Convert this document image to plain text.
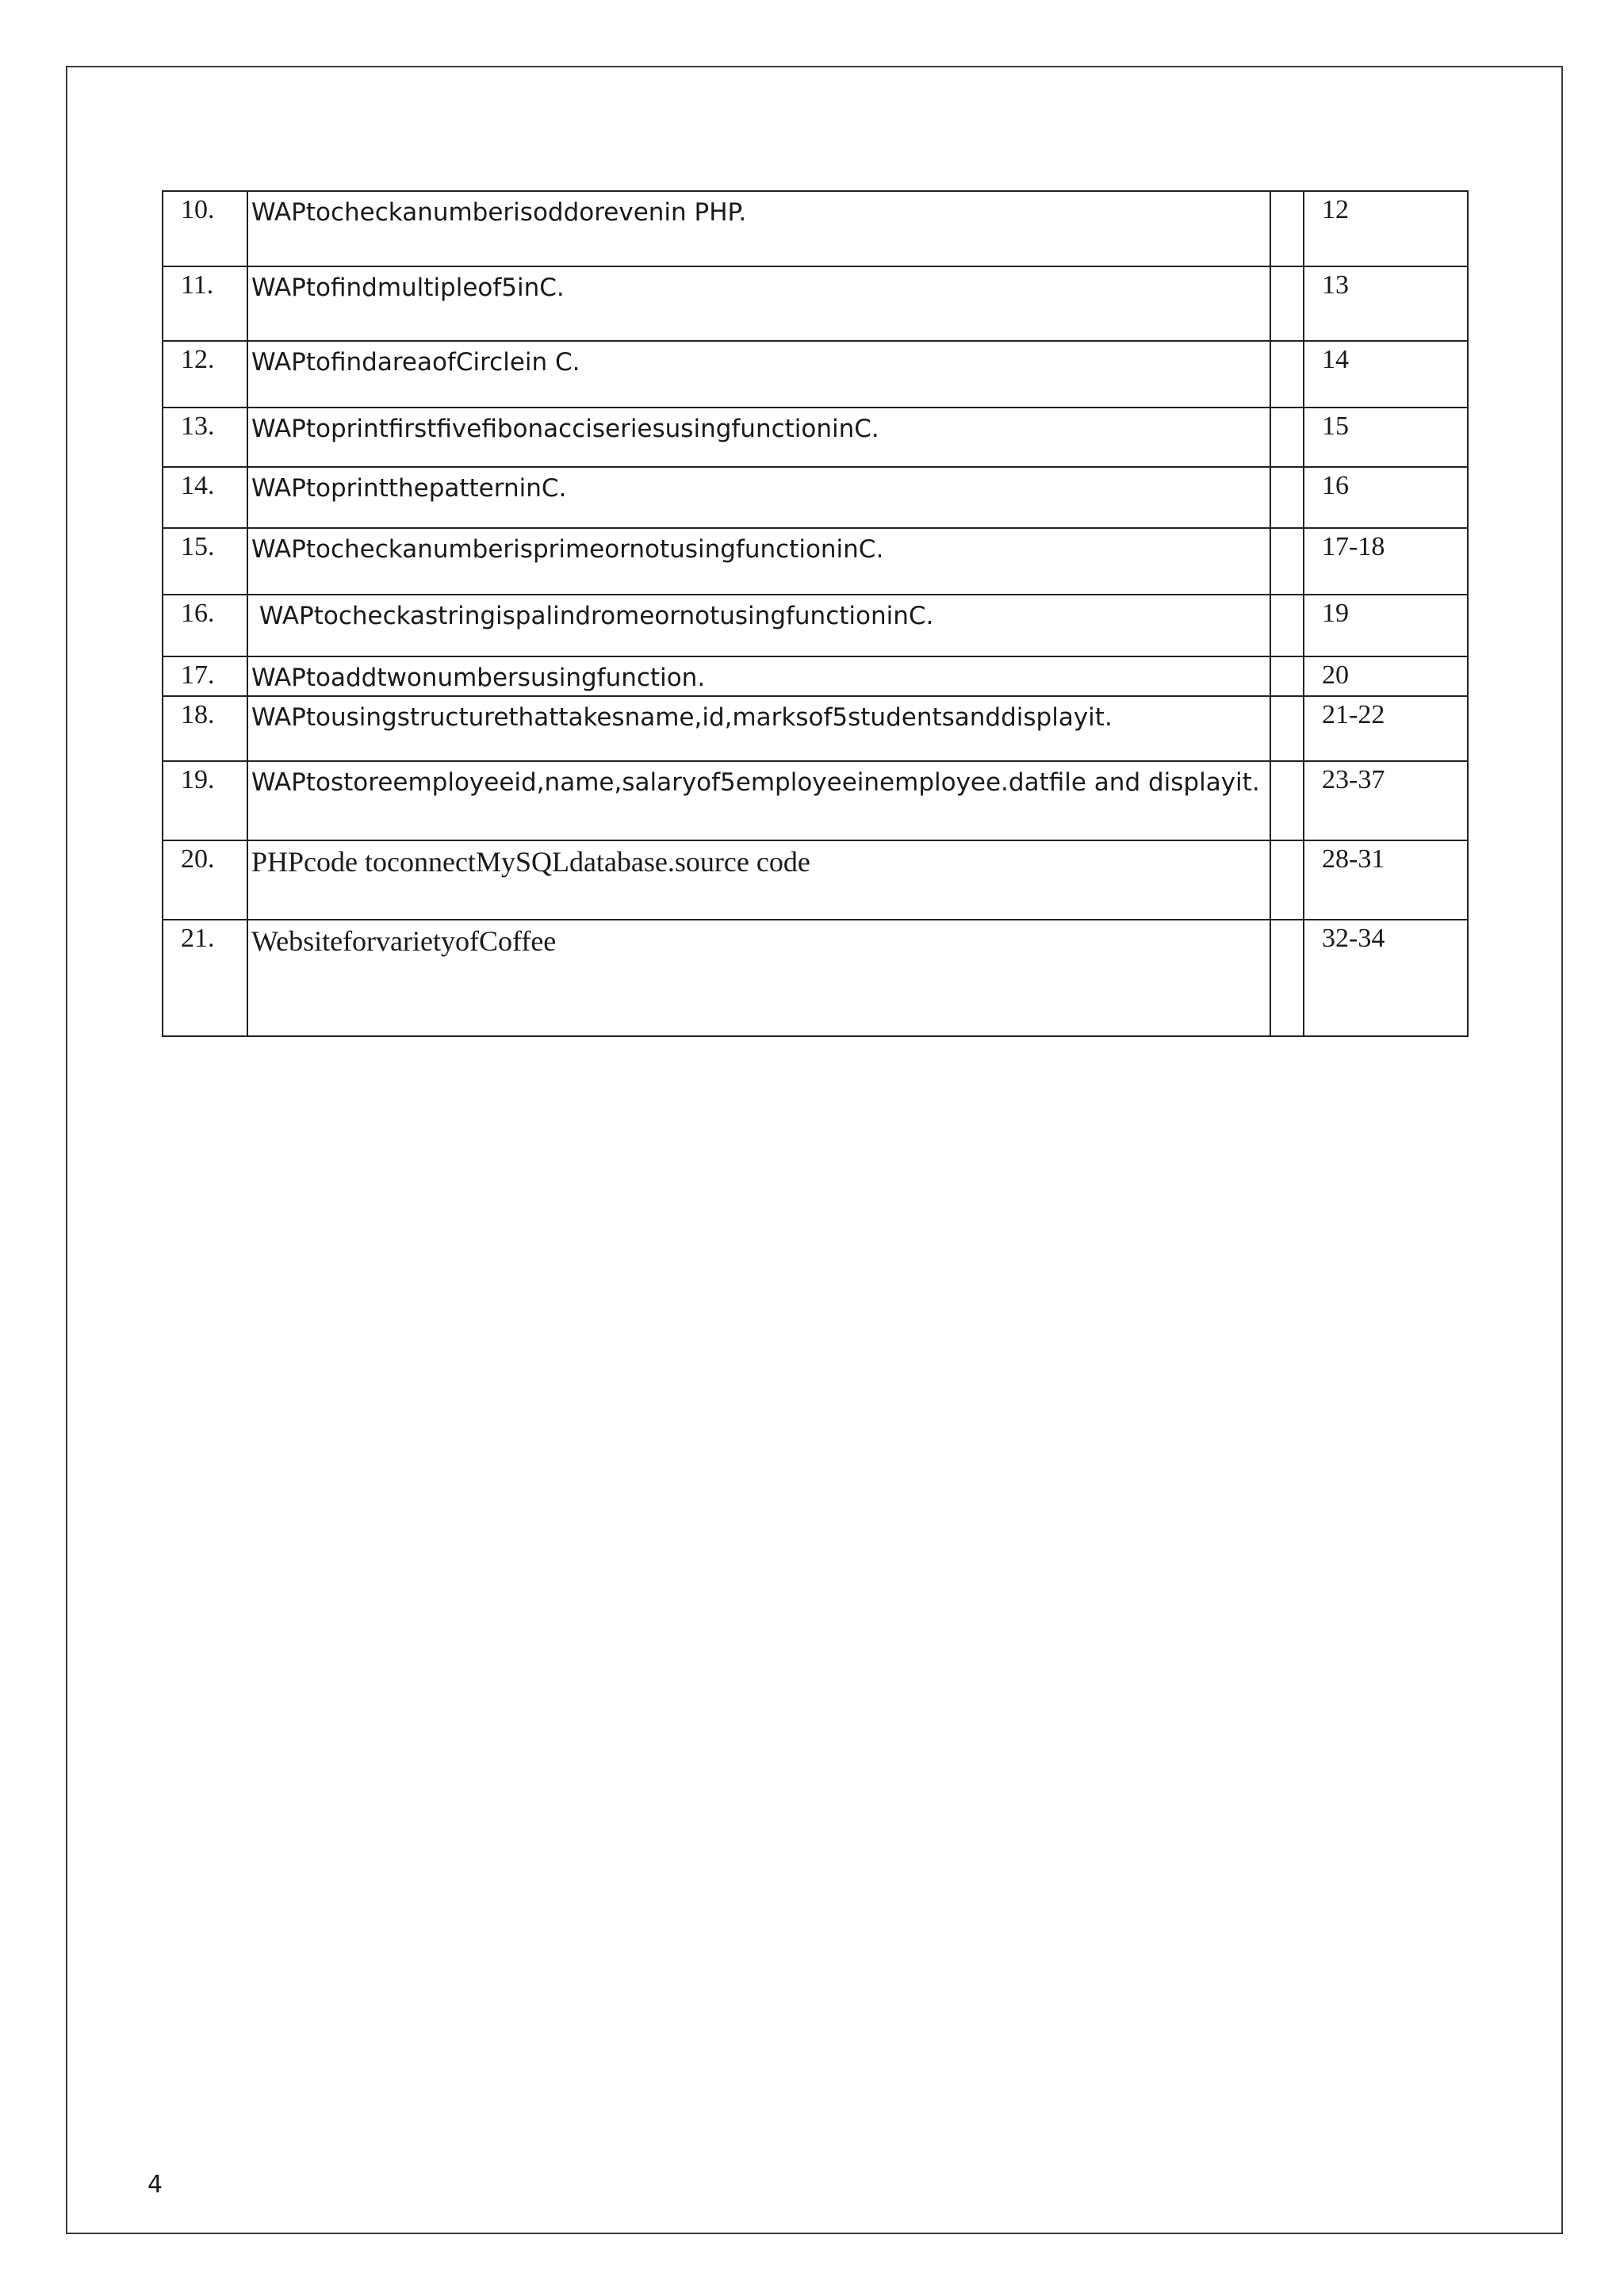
10.	WAPtocheckanumberisoddorevenin PHP.		12
11.	WAPtofindmultipleof5inC.		13
12.	WAPtofindareaofCirclein C.		14
13.	WAPtoprintfirstfivefibonacciseriesusingfunctioninC.		15
14.	WAPtoprintthepatterninC.		16
15.	WAPtocheckanumberisprimeornotusingfunctioninC.		17-18
16.	WAPtocheckastringispalindromeornotusingfunctioninC.		19
17.	WAPtoaddtwonumbersusingfunction.		20
18.	WAPtousingstructurethattakesname,id,marksof5studentsanddisplayit.		21-22
19.	WAPtostoreemployeeid,name,salaryof5employeeinemployee.datfile and displayit.		23-37
20.	PHPcode toconnectMySQLdatabase.source code		28-31
21.	WebsiteforvarietyofCoffee		32-34
4
